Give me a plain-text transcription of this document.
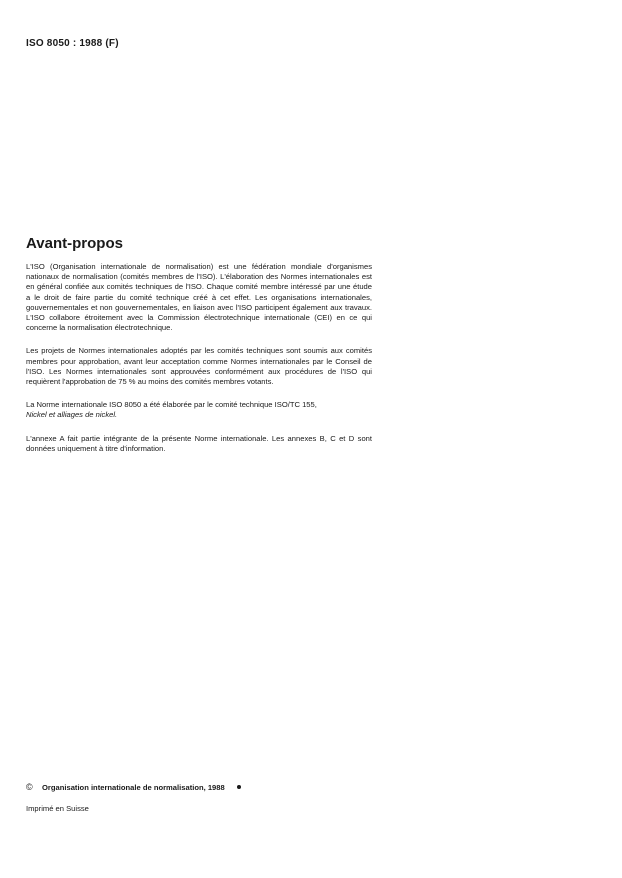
ISO 8050 : 1988 (F)
Avant-propos

L'ISO (Organisation internationale de normalisation) est une fédération mondiale d'organismes nationaux de normalisation (comités membres de l'ISO). L'élaboration des Normes internationales est en général confiée aux comités techniques de l'ISO. Chaque comité membre intéressé par une étude a le droit de faire partie du comité technique créé à cet effet. Les organisations internationales, gouvernementales et non gouvernementales, en liaison avec l'ISO participent également aux travaux. L'ISO collabore étroitement avec la Commission électrotechnique internationale (CEI) en ce qui concerne la normalisation électrotechnique.

Les projets de Normes internationales adoptés par les comités techniques sont soumis aux comités membres pour approbation, avant leur acceptation comme Normes internationales par le Conseil de l'ISO. Les Normes internationales sont approuvées conformément aux procédures de l'ISO qui requièrent l'approbation de 75 % au moins des comités membres votants.

La Norme internationale ISO 8050 a été élaborée par le comité technique ISO/TC 155,
Nickel et alliages de nickel.

L'annexe A fait partie intégrante de la présente Norme internationale. Les annexes B, C et D sont données uniquement à titre d'information.

©	Organisation internationale de normalisation, 1988
Imprimé en Suisse
